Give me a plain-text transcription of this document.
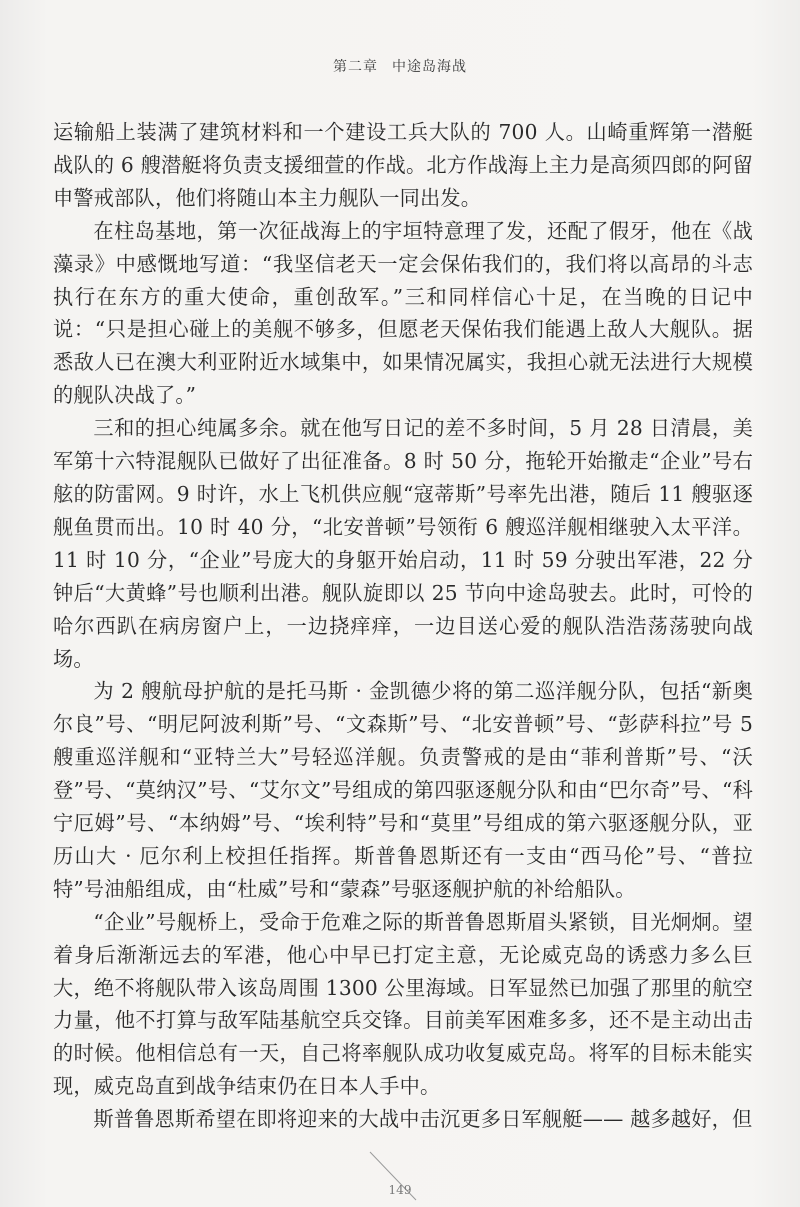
第二章 中途岛海战

运输船上装满了建筑材料和一个建设工兵大队的 700 人。山崎重辉第一潜艇战队的 6 艘潜艇将负责支援细萱的作战。北方作战海上主力是高须四郎的阿留申警戒部队，他们将随山本主力舰队一同出发。

在柱岛基地，第一次征战海上的宇垣特意理了发，还配了假牙，他在《战藻录》中感慨地写道：“我坚信老天一定会保佑我们的，我们将以高昂的斗志执行在东方的重大使命，重创敌军。”三和同样信心十足，在当晚的日记中说：“只是担心碰上的美舰不够多，但愿老天保佑我们能遇上敌人大舰队。据悉敌人已在澳大利亚附近水域集中，如果情况属实，我担心就无法进行大规模的舰队决战了。”

三和的担心纯属多余。就在他写日记的差不多时间，5 月 28 日清晨，美军第十六特混舰队已做好了出征准备。8 时 50 分，拖轮开始撤走“企业”号右舷的防雷网。9 时许，水上飞机供应舰“寇蒂斯”号率先出港，随后 11 艘驱逐舰鱼贯而出。10 时 40 分，“北安普顿”号领衔 6 艘巡洋舰相继驶入太平洋。11 时 10 分，“企业”号庞大的身躯开始启动，11 时 59 分驶出军港，22 分钟后“大黄蜂”号也顺利出港。舰队旋即以 25 节向中途岛驶去。此时，可怜的哈尔西趴在病房窗户上，一边挠痒痒，一边目送心爱的舰队浩浩荡荡驶向战场。

为 2 艘航母护航的是托马斯 · 金凯德少将的第二巡洋舰分队，包括“新奥尔良”号、“明尼阿波利斯”号、“文森斯”号、“北安普顿”号、“彭萨科拉”号 5 艘重巡洋舰和“亚特兰大”号轻巡洋舰。负责警戒的是由“菲利普斯”号、“沃登”号、“莫纳汉”号、“艾尔文”号组成的第四驱逐舰分队和由“巴尔奇”号、“科宁厄姆”号、“本纳姆”号、“埃利特”号和“莫里”号组成的第六驱逐舰分队，亚历山大 · 厄尔利上校担任指挥。斯普鲁恩斯还有一支由“西马伦”号、“普拉特”号油船组成，由“杜威”号和“蒙森”号驱逐舰护航的补给船队。

“企业”号舰桥上，受命于危难之际的斯普鲁恩斯眉头紧锁，目光炯炯。望着身后渐渐远去的军港，他心中早已打定主意，无论威克岛的诱惑力多么巨大，绝不将舰队带入该岛周围 1300 公里海域。日军显然已加强了那里的航空力量，他不打算与敌军陆基航空兵交锋。目前美军困难多多，还不是主动出击的时候。他相信总有一天，自己将率舰队成功收复威克岛。将军的目标未能实现，威克岛直到战争结束仍在日本人手中。

斯普鲁恩斯希望在即将迎来的大战中击沉更多日军舰艇—— 越多越好，但

149
